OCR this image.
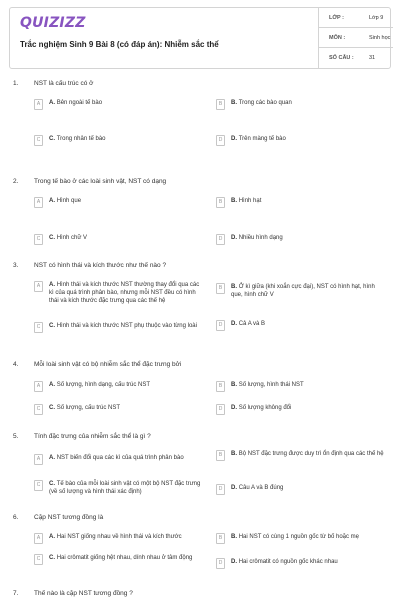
QUIZIZZ
Trắc nghiệm Sinh 9 Bài 8 (có đáp án): Nhiễm sắc thể
LỚP :	Lớp 9
MÔN :	Sinh học
SỐ CÂU :	31
1. NST là cấu trúc có ở
A	A. Bên ngoài tế bào	B	B. Trong các bào quan
C	C. Trong nhân tế bào	D	D. Trên màng tế bào
2. Trong tế bào ở các loài sinh vật, NST có dạng
A	A. Hình que	B	B. Hình hạt
C	C. Hình chữ V	D	D. Nhiều hình dạng
3. NST có hình thái và kích thước như thế nào ?
A	A. Hình thái và kích thước NST thường thay đổi qua các kì của quá trình phân bào, nhưng mỗi NST đều có hình thái và kích thước đặc trưng qua các thế hệ
B	B. Ở kì giữa (khi xoắn cực đại), NST có hình hạt, hình que, hình chữ V
C	C. Hình thái và kích thước NST phụ thuộc vào từng loài	D	D. Cả A và B
4. Mỗi loài sinh vật có bộ nhiễm sắc thể đặc trưng bởi
A	A. Số lượng, hình dạng, cấu trúc NST	B	B. Số lượng, hình thái NST
C	C. Số lượng, cấu trúc NST	D	D. Số lượng không đổi
5. Tính đặc trưng của nhiễm sắc thể là gì ?
A	A. NST biến đổi qua các kì của quá trình phân bào	B	B. Bộ NST đặc trưng được duy trì ổn định qua các thế hệ
C	C. Tế bào của mỗi loài sinh vật có một bộ NST đặc trưng (về số lượng và hình thái xác định)	D	D. Câu A và B đúng
6. Cặp NST tương đồng là
A	A. Hai NST giống nhau về hình thái và kích thước	B	B. Hai NST có cùng 1 nguồn gốc từ bố hoặc mẹ
C	C. Hai crômatit giống hệt nhau, dính nhau ở tâm động
D	D. Hai crômatit có nguồn gốc khác nhau
7. Thế nào là cặp NST tương đồng ?
